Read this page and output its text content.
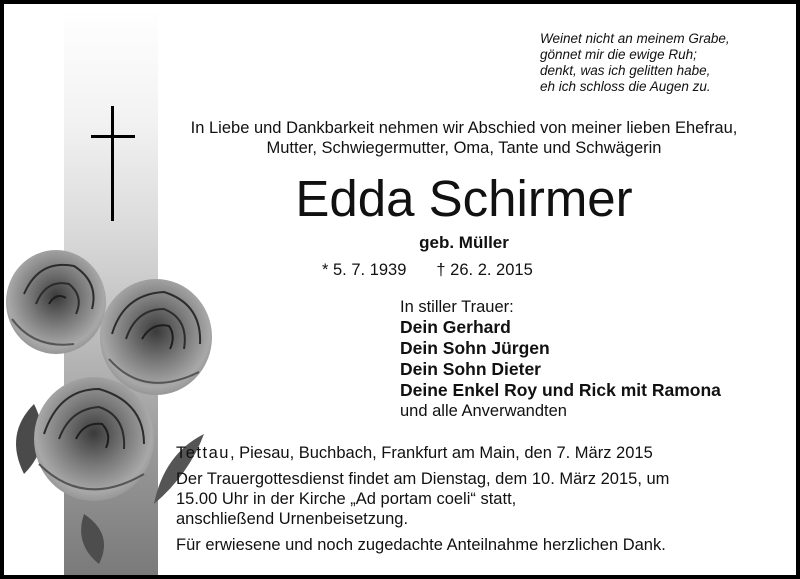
Weinet nicht an meinem Grabe,
gönnet mir die ewige Ruh;
denkt, was ich gelitten habe,
eh ich schloss die Augen zu.
In Liebe und Dankbarkeit nehmen wir Abschied von meiner lieben Ehefrau,
Mutter, Schwiegermutter, Oma, Tante und Schwägerin
Edda Schirmer
geb. Müller
* 5. 7. 1939 † 26. 2. 2015
In stiller Trauer:
Dein Gerhard
Dein Sohn Jürgen
Dein Sohn Dieter
Deine Enkel Roy und Rick mit Ramona
und alle Anverwandten
Tettau, Piesau, Buchbach, Frankfurt am Main, den 7. März 2015
Der Trauergottesdienst findet am Dienstag, dem 10. März 2015, um
15.00 Uhr in der Kirche „Ad portam coeli“ statt,
anschließend Urnenbeisetzung.
Für erwiesene und noch zugedachte Anteilnahme herzlichen Dank.
